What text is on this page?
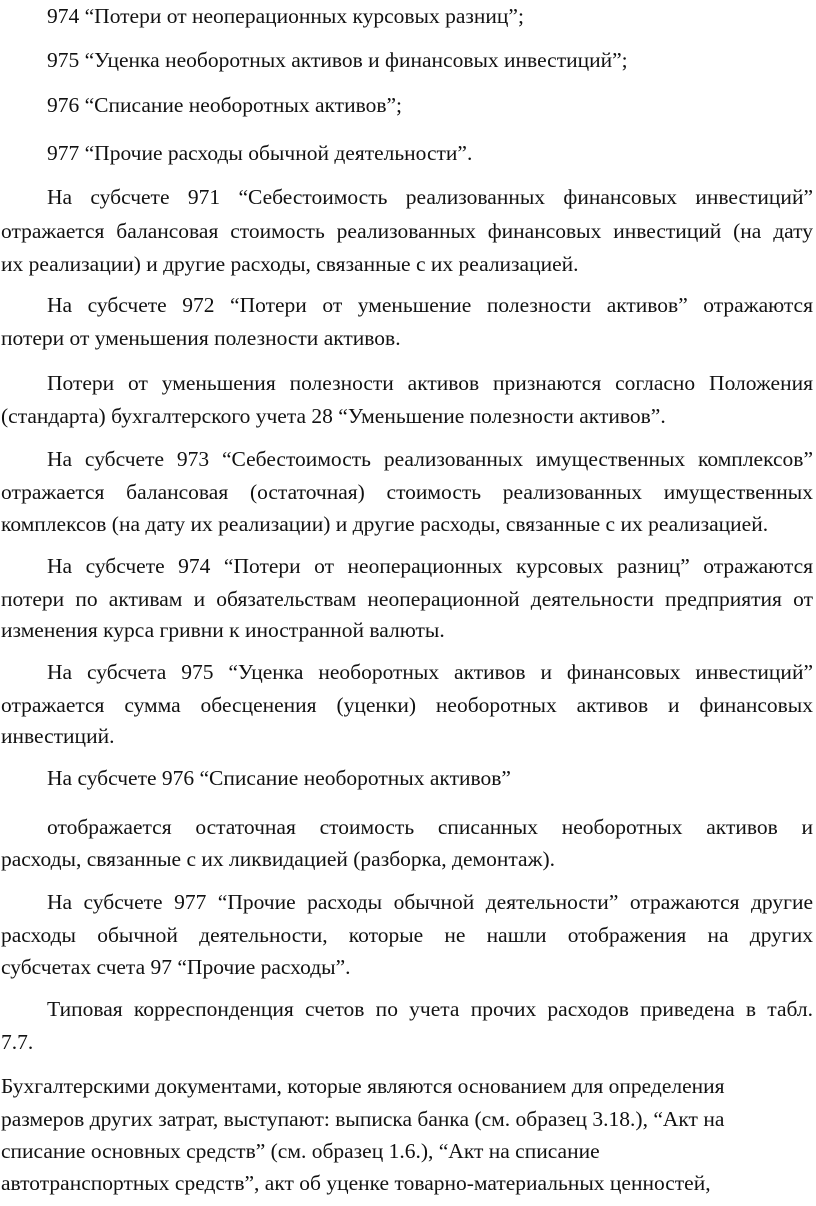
974 “Потери от неоперационных курсовых разниц”;
975 “Уценка необоротных активов и финансовых инвестиций”;
976 “Списание необоротных активов”;
977 “Прочие расходы обычной деятельности”.
На субсчете 971 “Себестоимость реализованных финансовых инвестиций”
отражается балансовая стоимость реализованных финансовых инвестиций (на дату
их реализации) и другие расходы, связанные с их реализацией.
На субсчете 972 “Потери от уменьшение полезности активов” отражаются
потери от уменьшения полезности активов.
Потери от уменьшения полезности активов признаются согласно Положения
(стандарта) бухгалтерского учета 28 “Уменьшение полезности активов”.
На субсчете 973 “Себестоимость реализованных имущественных комплексов”
отражается балансовая (остаточная) стоимость реализованных имущественных
комплексов (на дату их реализации) и другие расходы, связанные с их реализацией.
На субсчете 974 “Потери от неоперационных курсовых разниц” отражаются
потери по активам и обязательствам неоперационной деятельности предприятия от
изменения курса гривни к иностранной валюты.
На субсчета 975 “Уценка необоротных активов и финансовых инвестиций”
отражается сумма обесценения (уценки) необоротных активов и финансовых
инвестиций.
На субсчете 976 “Списание необоротных активов”
отображается остаточная стоимость списанных необоротных активов и
расходы, связанные с их ликвидацией (разборка, демонтаж).
На субсчете 977 “Прочие расходы обычной деятельности” отражаются другие
расходы обычной деятельности, которые не нашли отображения на других
субсчетах счета 97 “Прочие расходы”.
Типовая корреспонденция счетов по учета прочих расходов приведена в табл.
7.7.
Бухгалтерскими документами, которые являются основанием для определения
размеров других затрат, выступают: выписка банка (см. образец 3.18.), “Акт на
списание основных средств” (см. образец 1.6.), “Акт на списание
автотранспортных средств”, акт об уценке товарно-материальных ценностей,
